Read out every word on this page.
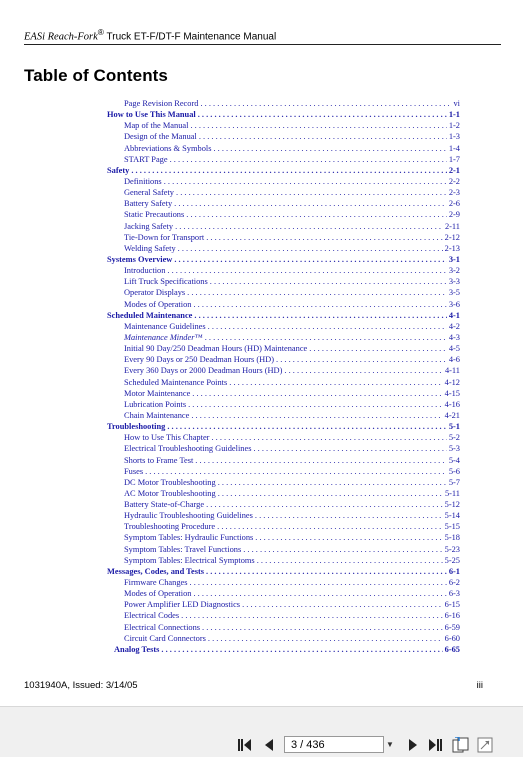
EASi Reach-Fork® Truck ET-F/DT-F Maintenance Manual
Table of Contents
Page Revision Record . . .	vi
How to Use This Manual . . .	1-1
Map of the Manual . . .	1-2
Design of the Manual . . .	1-3
Abbreviations & Symbols . . .	1-4
START Page . . .	1-7
Safety . . .	2-1
Definitions . . .	2-2
General Safety . . .	2-3
Battery Safety . . .	2-6
Static Precautions . . .	2-9
Jacking Safety . . .	2-11
Tie-Down for Transport . . .	2-12
Welding Safety . . .	2-13
Systems Overview . . .	3-1
Introduction . . .	3-2
Lift Truck Specifications . . .	3-3
Operator Displays . . .	3-5
Modes of Operation . . .	3-6
Scheduled Maintenance . . .	4-1
Maintenance Guidelines . . .	4-2
Maintenance Minder™ . . .	4-3
Initial 90 Day/250 Deadman Hours (HD) Maintenance . . .	4-5
Every 90 Days or 250 Deadman Hours (HD) . . .	4-6
Every 360 Days or 2000 Deadman Hours (HD) . . .	4-11
Scheduled Maintenance Points . . .	4-12
Motor Maintenance . . .	4-15
Lubrication Points . . .	4-16
Chain Maintenance . . .	4-21
Troubleshooting . . .	5-1
How to Use This Chapter . . .	5-2
Electrical Troubleshooting Guidelines . . .	5-3
Shorts to Frame Test . . .	5-4
Fuses . . .	5-6
DC Motor Troubleshooting . . .	5-7
AC Motor Troubleshooting . . .	5-11
Battery State-of-Charge . . .	5-12
Hydraulic Troubleshooting Guidelines . . .	5-14
Troubleshooting Procedure . . .	5-15
Symptom Tables: Hydraulic Functions . . .	5-18
Symptom Tables: Travel Functions . . .	5-23
Symptom Tables: Electrical Symptoms . . .	5-25
Messages, Codes, and Tests . . .	6-1
Firmware Changes . . .	6-2
Modes of Operation . . .	6-3
Power Amplifier LED Diagnostics . . .	6-15
Electrical Codes . . .	6-16
Electrical Connections . . .	6-59
Circuit Card Connectors . . .	6-60
Analog Tests . . .	6-65
1031940A, Issued: 3/14/05	iii
3 / 436	▼
